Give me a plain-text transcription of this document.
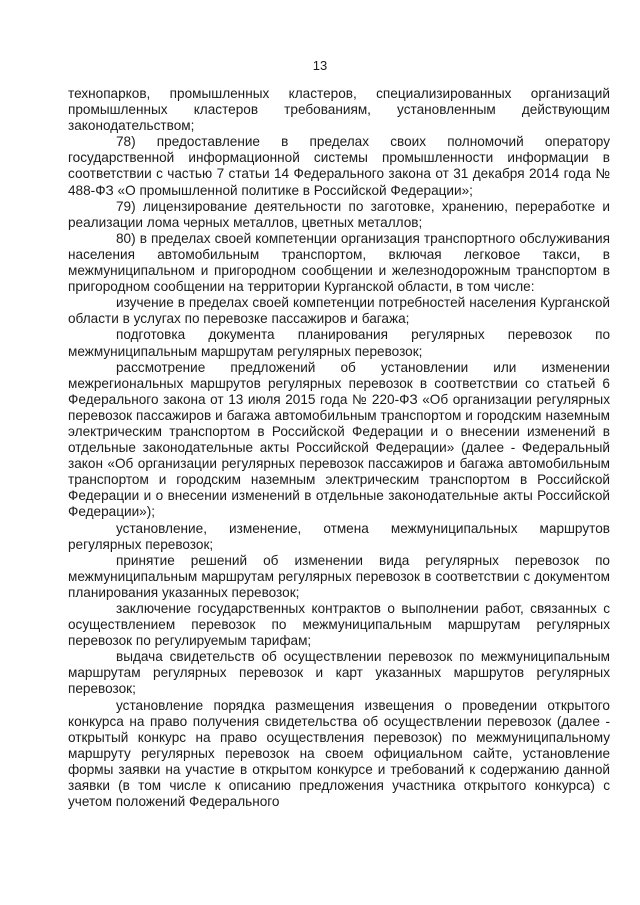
13

технопарков, промышленных кластеров, специализированных организаций промышленных кластеров требованиям, установленным действующим законодательством;

78) предоставление в пределах своих полномочий оператору государственной информационной системы промышленности информации в соответствии с частью 7 статьи 14 Федерального закона от 31 декабря 2014 года № 488-ФЗ «О промышленной политике в Российской Федерации»;

79) лицензирование деятельности по заготовке, хранению, переработке и реализации лома черных металлов, цветных металлов;

80) в пределах своей компетенции организация транспортного обслуживания населения автомобильным транспортом, включая легковое такси, в межмуниципальном и пригородном сообщении и железнодорожным транспортом в пригородном сообщении на территории Курганской области, в том числе:

изучение в пределах своей компетенции потребностей населения Курганской области в услугах по перевозке пассажиров и багажа;

подготовка документа планирования регулярных перевозок по межмуниципальным маршрутам регулярных перевозок;

рассмотрение предложений об установлении или изменении межрегиональных маршрутов регулярных перевозок в соответствии со статьей 6 Федерального закона от 13 июля 2015 года № 220-ФЗ «Об организации регулярных перевозок пассажиров и багажа автомобильным транспортом и городским наземным электрическим транспортом в Российской Федерации и о внесении изменений в отдельные законодательные акты Российской Федерации» (далее - Федеральный закон «Об организации регулярных перевозок пассажиров и багажа автомобильным транспортом и городским наземным электрическим транспортом в Российской Федерации и о внесении изменений в отдельные законодательные акты Российской Федерации»);

установление, изменение, отмена межмуниципальных маршрутов регулярных перевозок;

принятие решений об изменении вида регулярных перевозок по межмуниципальным маршрутам регулярных перевозок в соответствии с документом планирования указанных перевозок;

заключение государственных контрактов о выполнении работ, связанных с осуществлением перевозок по межмуниципальным маршрутам регулярных перевозок по регулируемым тарифам;

выдача свидетельств об осуществлении перевозок по межмуниципальным маршрутам регулярных перевозок и карт указанных маршрутов регулярных перевозок;

установление порядка размещения извещения о проведении открытого конкурса на право получения свидетельства об осуществлении перевозок (далее - открытый конкурс на право осуществления перевозок) по межмуниципальному маршруту регулярных перевозок на своем официальном сайте, установление формы заявки на участие в открытом конкурсе и требований к содержанию данной заявки (в том числе к описанию предложения участника открытого конкурса) с учетом положений Федерального
